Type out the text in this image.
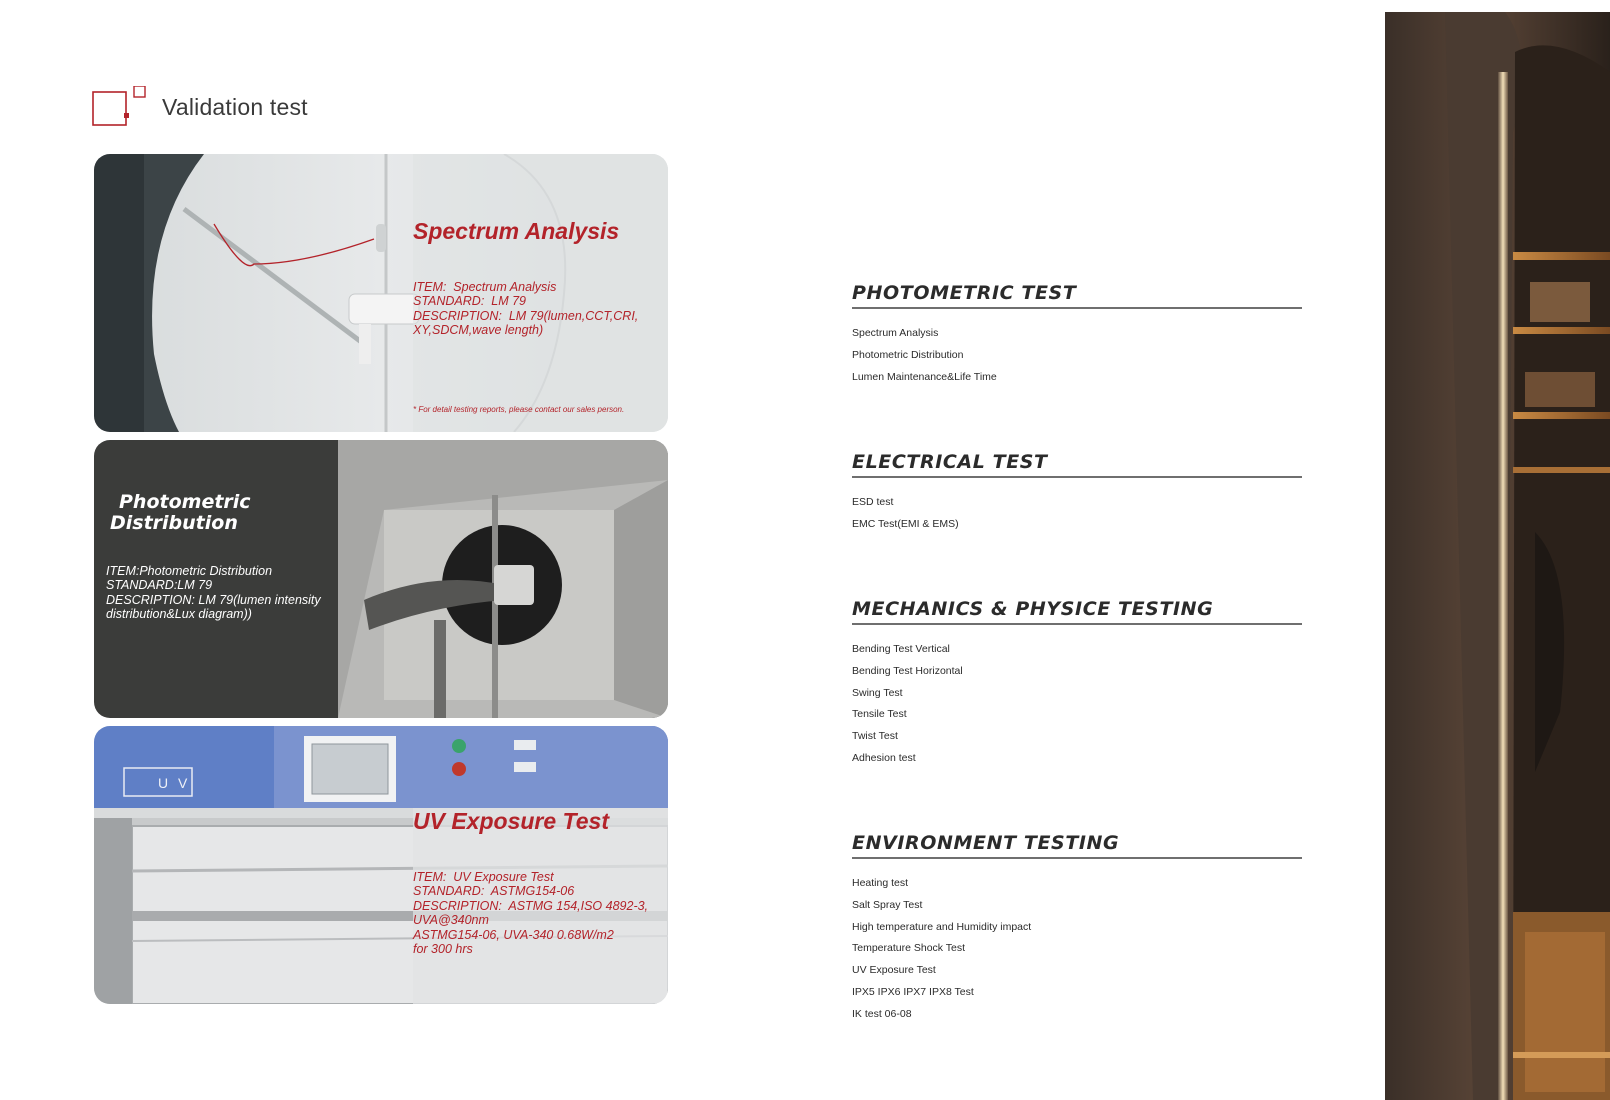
Validation test
Spectrum Analysis
ITEM:  Spectrum Analysis
STANDARD:  LM 79
DESCRIPTION:  LM 79(lumen,CCT,CRI,
XY,SDCM,wave length)
* For detail testing reports, please contact our sales person.
Photometric
Distribution
ITEM:Photometric Distribution
STANDARD:LM 79
DESCRIPTION: LM 79(lumen intensity
distribution&Lux diagram))
U V
UV Exposure Test
ITEM:  UV Exposure Test
STANDARD:  ASTMG154-06
DESCRIPTION:  ASTMG 154,ISO 4892-3,
UVA@340nm
ASTMG154-06, UVA-340 0.68W/m2
for 300 hrs
PHOTOMETRIC TEST
Spectrum Analysis
Photometric Distribution
Lumen Maintenance&Life Time
ELECTRICAL TEST
ESD test
EMC Test(EMI & EMS)
MECHANICS & PHYSICE TESTING
Bending Test Vertical
Bending Test Horizontal
Swing Test
Tensile Test
Twist Test
Adhesion test
ENVIRONMENT TESTING
Heating test
Salt Spray Test
High temperature and Humidity impact
Temperature Shock Test
UV Exposure Test
IPX5 IPX6 IPX7 IPX8 Test
IK test 06-08
